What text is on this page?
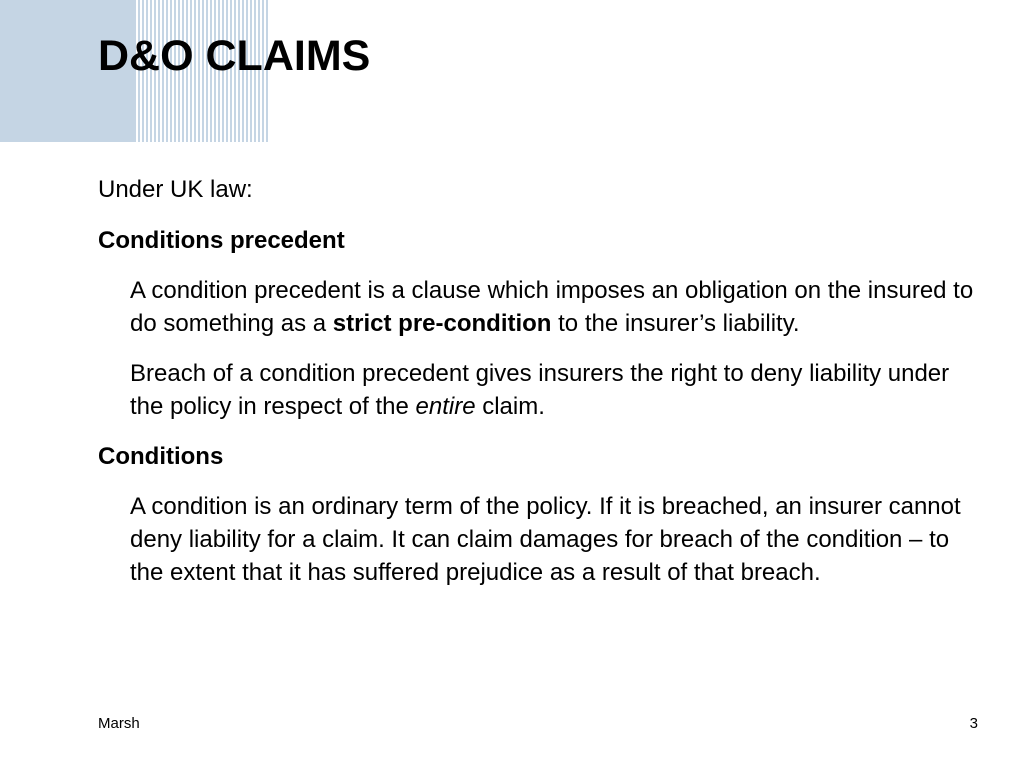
D&O CLAIMS

Under UK law:

Conditions precedent

A condition precedent is a clause which imposes an obligation on the insured to do something as a strict pre-condition to the insurer’s liability.

Breach of a condition precedent gives insurers the right to deny liability under the policy in respect of the entire claim.

Conditions

A condition is an ordinary term of the policy. If it is breached, an insurer cannot deny liability for a claim. It can claim damages for breach of the condition – to the extent that it has suffered prejudice as a result of that breach.

Marsh	3
